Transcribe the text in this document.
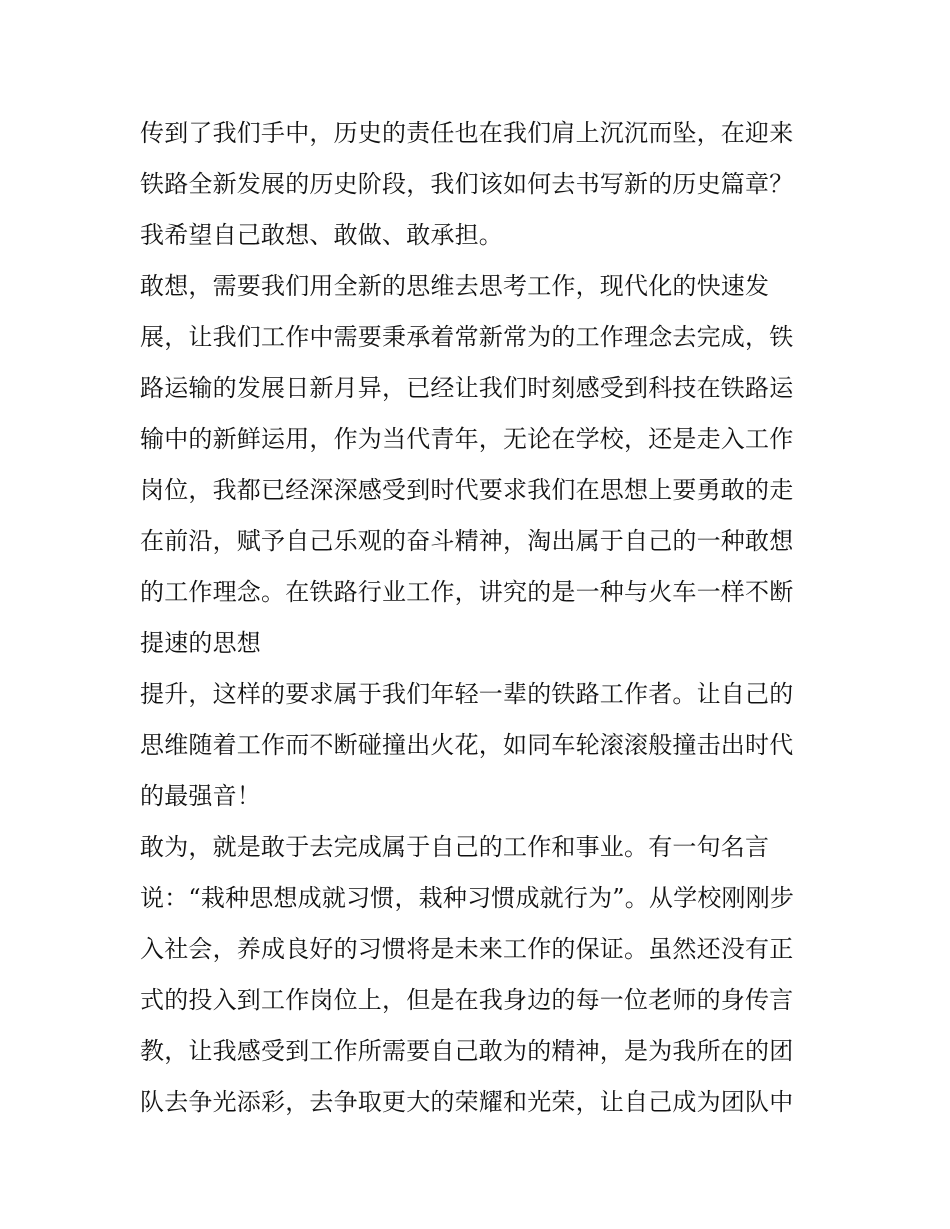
传到了我们手中，历史的责任也在我们肩上沉沉而坠，在迎来
铁路全新发展的历史阶段，我们该如何去书写新的历史篇章？
我希望自己敢想、敢做、敢承担。
敢想，需要我们用全新的思维去思考工作，现代化的快速发
展，让我们工作中需要秉承着常新常为的工作理念去完成，铁
路运输的发展日新月异，已经让我们时刻感受到科技在铁路运
输中的新鲜运用，作为当代青年，无论在学校，还是走入工作
岗位，我都已经深深感受到时代要求我们在思想上要勇敢的走
在前沿，赋予自己乐观的奋斗精神，淘出属于自己的一种敢想
的工作理念。在铁路行业工作，讲究的是一种与火车一样不断
提速的思想
提升，这样的要求属于我们年轻一辈的铁路工作者。让自己的
思维随着工作而不断碰撞出火花，如同车轮滚滚般撞击出时代
的最强音！
敢为，就是敢于去完成属于自己的工作和事业。有一句名言
说：“栽种思想成就习惯，栽种习惯成就行为”。从学校刚刚步
入社会，养成良好的习惯将是未来工作的保证。虽然还没有正
式的投入到工作岗位上，但是在我身边的每一位老师的身传言
教，让我感受到工作所需要自己敢为的精神，是为我所在的团
队去争光添彩，去争取更大的荣耀和光荣，让自己成为团队中
